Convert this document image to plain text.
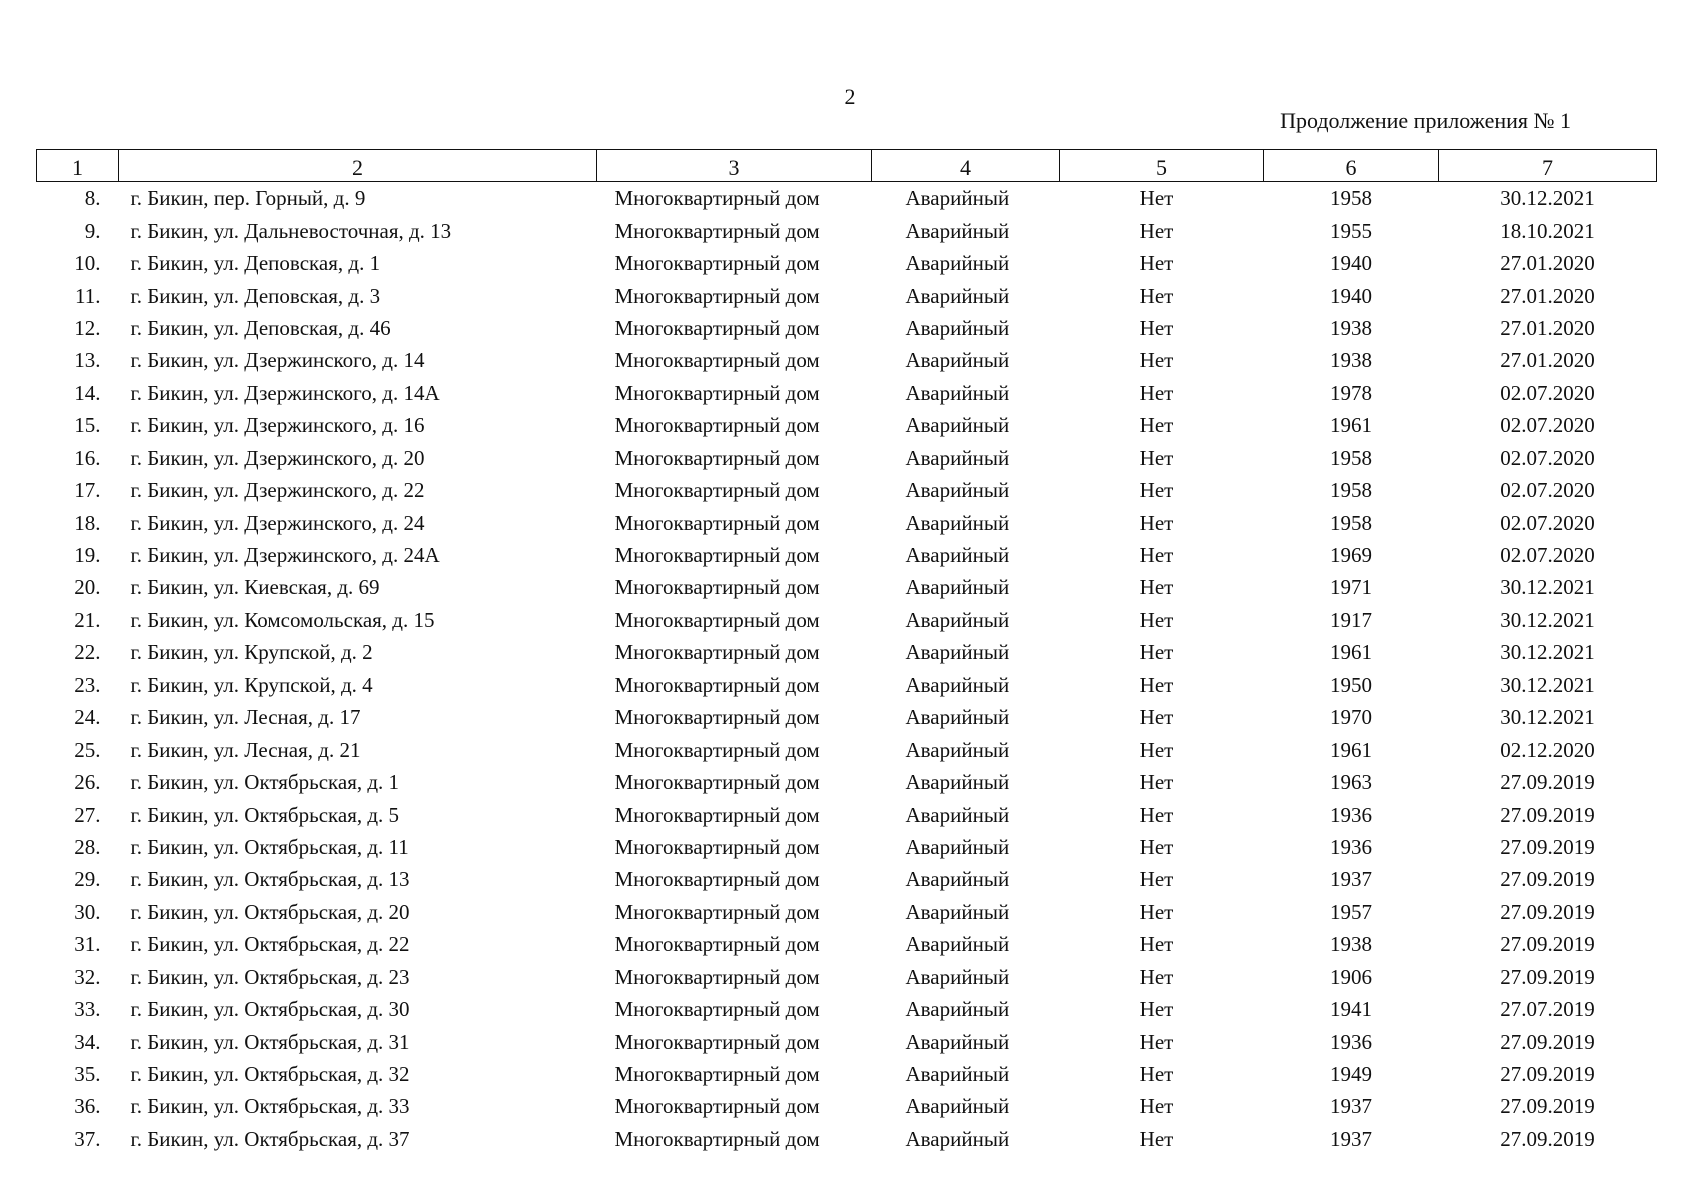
2
Продолжение приложения № 1
1	2	3	4	5	6	7
8.	г. Бикин, пер. Горный, д. 9	Многоквартирный дом	Аварийный	Нет	1958	30.12.2021
9.	г. Бикин, ул. Дальневосточная, д. 13	Многоквартирный дом	Аварийный	Нет	1955	18.10.2021
10.	г. Бикин, ул. Деповская, д. 1	Многоквартирный дом	Аварийный	Нет	1940	27.01.2020
11.	г. Бикин, ул. Деповская, д. 3	Многоквартирный дом	Аварийный	Нет	1940	27.01.2020
12.	г. Бикин, ул. Деповская, д. 46	Многоквартирный дом	Аварийный	Нет	1938	27.01.2020
13.	г. Бикин, ул. Дзержинского, д. 14	Многоквартирный дом	Аварийный	Нет	1938	27.01.2020
14.	г. Бикин, ул. Дзержинского, д. 14А	Многоквартирный дом	Аварийный	Нет	1978	02.07.2020
15.	г. Бикин, ул. Дзержинского, д. 16	Многоквартирный дом	Аварийный	Нет	1961	02.07.2020
16.	г. Бикин, ул. Дзержинского, д. 20	Многоквартирный дом	Аварийный	Нет	1958	02.07.2020
17.	г. Бикин, ул. Дзержинского, д. 22	Многоквартирный дом	Аварийный	Нет	1958	02.07.2020
18.	г. Бикин, ул. Дзержинского, д. 24	Многоквартирный дом	Аварийный	Нет	1958	02.07.2020
19.	г. Бикин, ул. Дзержинского, д. 24А	Многоквартирный дом	Аварийный	Нет	1969	02.07.2020
20.	г. Бикин, ул. Киевская, д. 69	Многоквартирный дом	Аварийный	Нет	1971	30.12.2021
21.	г. Бикин, ул. Комсомольская, д. 15	Многоквартирный дом	Аварийный	Нет	1917	30.12.2021
22.	г. Бикин, ул. Крупской, д. 2	Многоквартирный дом	Аварийный	Нет	1961	30.12.2021
23.	г. Бикин, ул. Крупской, д. 4	Многоквартирный дом	Аварийный	Нет	1950	30.12.2021
24.	г. Бикин, ул. Лесная, д. 17	Многоквартирный дом	Аварийный	Нет	1970	30.12.2021
25.	г. Бикин, ул. Лесная, д. 21	Многоквартирный дом	Аварийный	Нет	1961	02.12.2020
26.	г. Бикин, ул. Октябрьская, д. 1	Многоквартирный дом	Аварийный	Нет	1963	27.09.2019
27.	г. Бикин, ул. Октябрьская, д. 5	Многоквартирный дом	Аварийный	Нет	1936	27.09.2019
28.	г. Бикин, ул. Октябрьская, д. 11	Многоквартирный дом	Аварийный	Нет	1936	27.09.2019
29.	г. Бикин, ул. Октябрьская, д. 13	Многоквартирный дом	Аварийный	Нет	1937	27.09.2019
30.	г. Бикин, ул. Октябрьская, д. 20	Многоквартирный дом	Аварийный	Нет	1957	27.09.2019
31.	г. Бикин, ул. Октябрьская, д. 22	Многоквартирный дом	Аварийный	Нет	1938	27.09.2019
32.	г. Бикин, ул. Октябрьская, д. 23	Многоквартирный дом	Аварийный	Нет	1906	27.09.2019
33.	г. Бикин, ул. Октябрьская, д. 30	Многоквартирный дом	Аварийный	Нет	1941	27.07.2019
34.	г. Бикин, ул. Октябрьская, д. 31	Многоквартирный дом	Аварийный	Нет	1936	27.09.2019
35.	г. Бикин, ул. Октябрьская, д. 32	Многоквартирный дом	Аварийный	Нет	1949	27.09.2019
36.	г. Бикин, ул. Октябрьская, д. 33	Многоквартирный дом	Аварийный	Нет	1937	27.09.2019
37.	г. Бикин, ул. Октябрьская, д. 37	Многоквартирный дом	Аварийный	Нет	1937	27.09.2019
